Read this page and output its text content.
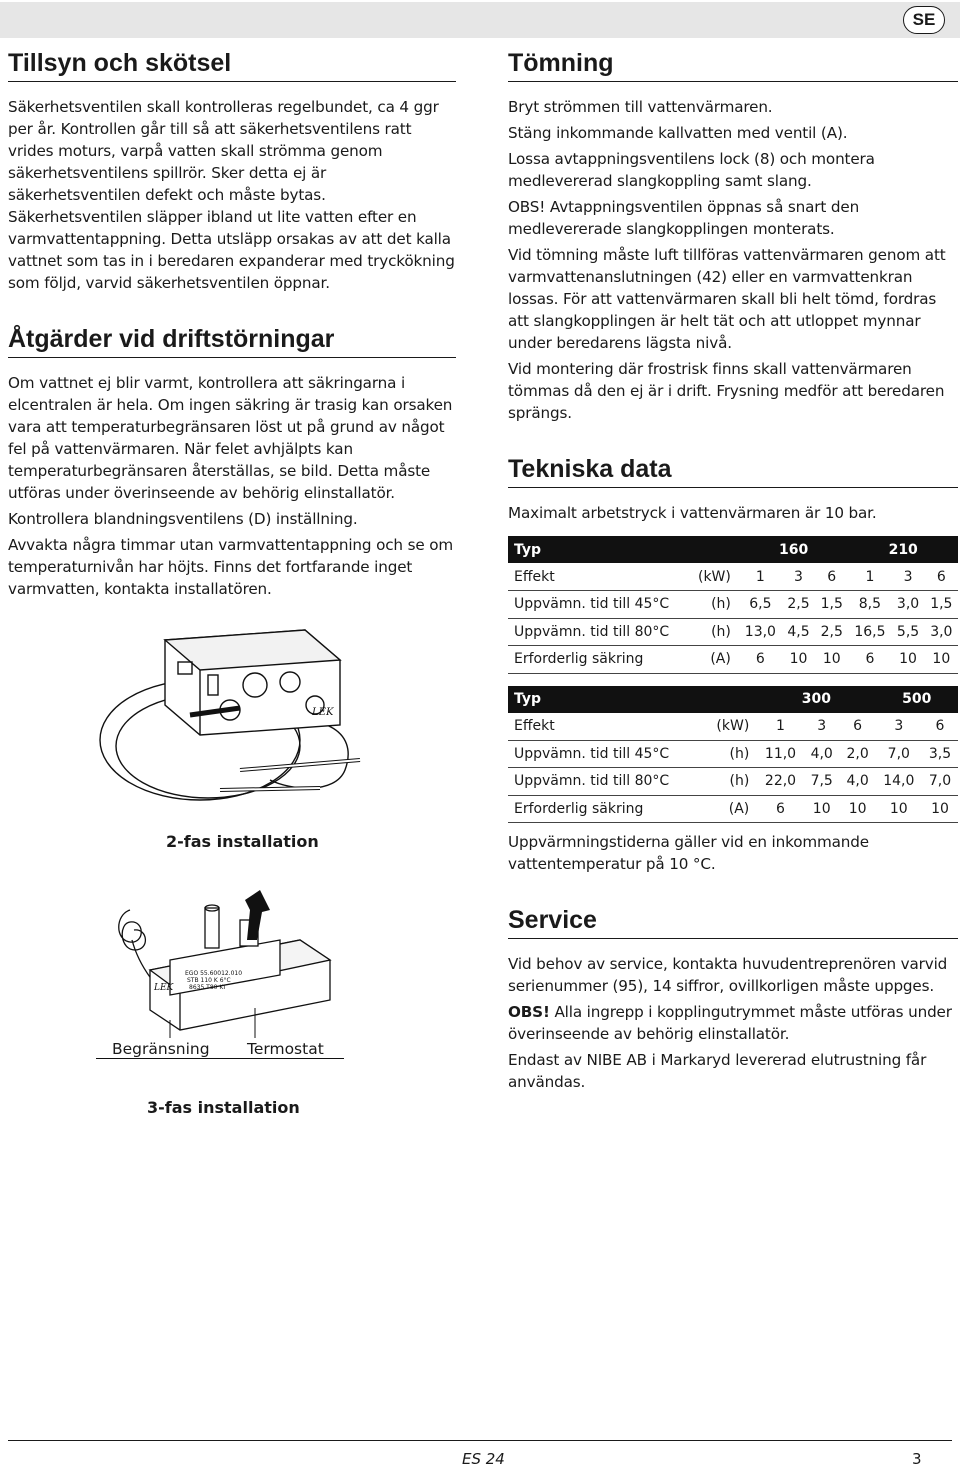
SE
Tillsyn och skötsel

Säkerhetsventilen skall kontrolleras regelbundet, ca 4 ggr per år. Kontrollen går till så att säkerhetsventilens ratt vrides moturs, varpå vatten skall strömma genom säkerhetsventilens spillrör. Sker detta ej är säkerhetsventilen defekt och måste bytas. Säkerhetsventilen släpper ibland ut lite vatten efter en varmvattentappning. Detta utsläpp orsakas av att det kalla vattnet som tas in i beredaren expanderar med tryckökning som följd, varvid säkerhetsventilen öppnar.

Åtgärder vid driftstörningar

Om vattnet ej blir varmt, kontrollera att säkringarna i elcentralen är hela. Om ingen säkring är trasig kan orsaken vara att temperaturbegränsaren löst ut på grund av något fel på vattenvärmaren. När felet avhjälpts kan temperaturbegränsaren återställas, se bild. Detta måste utföras under överinseende av behörig elinstallatör.

Kontrollera blandningsventilens (D) inställning.

Avvakta några timmar utan varmvattentappning och se om temperaturnivån har höjts. Finns det fortfarande inget varmvatten, kontakta installatören.

LEK
2-fas installation
EGO 55.60012.010
STB 110 K 6°C
8635 T80 KI
LEK
Begränsning Termostat
3-fas installation
Tömning

Bryt strömmen till vattenvärmaren.

Stäng inkommande kallvatten med ventil (A).

Lossa avtappningsventilens lock (8) och montera medlevererad slangkoppling samt slang.

OBS! Avtappningsventilen öppnas så snart den medlevererade slangkopplingen monterats.

Vid tömning måste luft tillföras vattenvärmaren genom att varmvattenanslutningen (42) eller en varmvattenkran lossas. För att vattenvärmaren skall bli helt tömd, fordras att slangkopplingen är helt tät och att utloppet mynnar under beredarens lägsta nivå.

Vid montering där frostrisk finns skall vattenvärmaren tömmas då den ej är i drift. Frysning medför att beredaren sprängs.

Tekniska data

Maximalt arbetstryck i vattenvärmaren är 10 bar.

Typ		160			210		
Effekt	(kW)	1	3	6	1	3	6
Uppvämn. tid till 45°C	(h)	6,5	2,5	1,5	8,5	3,0	1,5
Uppvämn. tid till 80°C	(h)	13,0	4,5	2,5	16,5	5,5	3,0
Erforderlig säkring	(A)	6	10	10	6	10	10
Typ		300			500	
Effekt	(kW)	1	3	6	3	6
Uppvämn. tid till 45°C	(h)	11,0	4,0	2,0	7,0	3,5
Uppvämn. tid till 80°C	(h)	22,0	7,5	4,0	14,0	7,0
Erforderlig säkring	(A)	6	10	10	10	10

Uppvärmningstiderna gäller vid en inkommande vattentemperatur på 10 °C.

Service

Vid behov av service, kontakta huvudentreprenören varvid serienummer (95), 14 siffror, ovillkorligen måste uppges.

OBS! Alla ingrepp i kopplingutrymmet måste utföras under överinseende av behörig elinstallatör.

Endast av NIBE AB i Markaryd levererad elutrustning får användas.

ES 24	3
